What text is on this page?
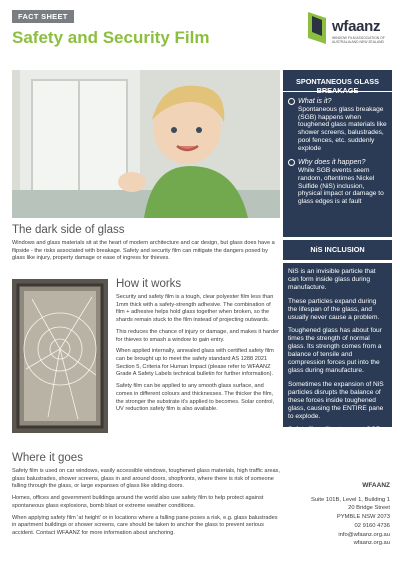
FACT SHEET
Safety and Security Film
wfaanz
WINDOW FILM ASSOCIATION OF AUSTRALIA AND NEW ZEALAND
SPONTANEOUS GLASS BREAKAGE
What is it?
Spontaneous glass breakage (SGB) happens when toughened glass materials like shower screens, balustrades, pool fences, etc. suddenly explode
Why does it happen?
While SGB events seem random, oftentimes Nickel Sulfide (NiS) inclusion, physical impact or damage to glass edges is at fault
NiS INCLUSION

NiS is an invisible particle that can form inside glass during manufacture.

These particles expand during the lifespan of the glass, and usually never cause a problem.

Toughened glass has about four times the strength of normal glass. Its strength comes from a balance of tensile and compression forces put into the glass during manufacture.

Sometimes the expansion of NiS particles disrupts the balance of these forces inside toughened glass, causing the ENTIRE pane to explode.

Safety film will not prevent SGB, but it can lessen the associated risks.

The dark side of glass

Windows and glass materials sit at the heart of modern architecture and car design, but glass does have a flipside - the risks associated with breakage. Safety and security film can mitigate the dangers posed by glass like injury, property damage or ease of ingress for thieves.

How it works

Security and safety film is a tough, clear polyester film less than 1mm thick with a safety-strength adhesive. The combination of film + adhesive helps hold glass together when broken, so the shards remain stuck to the film instead of projecting outwards.

This reduces the chance of injury or damage, and makes it harder for thieves to smash a window to gain entry.

When applied internally, annealed glass with certified safety film can be brought up to meet the safety standard AS 1288 2021 Section 5, Criteria for Human Impact (please refer to WFAANZ Grade A Safety Labels technical bulletin for further information).

Safety film can be applied to any smooth glass surface, and comes in different colours and thicknesses. The thicker the film, the stronger the substrate it's applied to becomes. Solar control, UV reduction safety film is also available.

Where it goes

Safety film is used on car windows, easily accessible windows, toughened glass materials, high traffic areas, glass balustrades, shower screens, glass in and around doors, shopfronts, where there is risk of someone falling through the glass, or large expanses of glass like sliding doors.

Homes, offices and government buildings around the world also use safety film to help protect against spontaneous glass explosions, bomb blast or extreme weather conditions.

When applying safety film 'at height' or in locations where a falling pane poses a risk, e.g. glass balustrades in apartment buildings or shower screens, care should be taken to anchor the glass to prevent serious accident. Contact WFAANZ for more information about anchoring.

WFAANZ
Suite 101B, Level 1, Building 1
20 Bridge Street
PYMBLE NSW 2073
02 9160 4736
info@wfaanz.org.au
wfaanz.org.au
